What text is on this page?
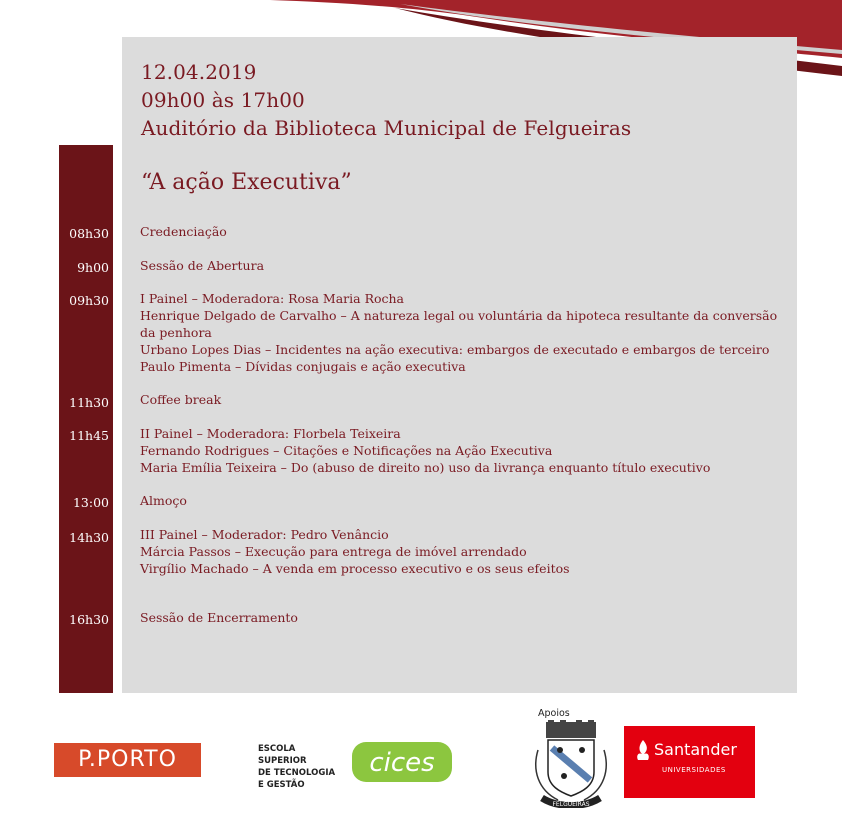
12.04.2019
09h00 às 17h00
Auditório da Biblioteca Municipal de Felgueiras
“A ação Executiva”
08h30 Credenciação
9h00 Sessão de Abertura
09h30 I Painel – Moderadora: Rosa Maria Rocha
Henrique Delgado de Carvalho – A natureza legal ou voluntária da hipoteca resultante da conversão da penhora
Urbano Lopes Dias – Incidentes na ação executiva: embargos de executado e embargos de terceiro
Paulo Pimenta – Dívidas conjugais e ação executiva
11h30 Coffee break
11h45 II Painel – Moderadora: Florbela Teixeira
Fernando Rodrigues – Citações e Notificações na Ação Executiva
Maria Emília Teixeira – Do (abuso de direito no) uso da livrança enquanto título executivo
13:00 Almoço
14h30 III Painel – Moderador: Pedro Venâncio
Márcia Passos – Execução para entrega de imóvel arrendado
Virgílio Machado – A venda em processo executivo e os seus efeitos
16h30 Sessão de Encerramento
P.PORTO	ESCOLA
SUPERIOR
DE TECNOLOGIA
E GESTÃO
cices
Apoios
FELGUEIRAS
Santander
UNIVERSIDADES
